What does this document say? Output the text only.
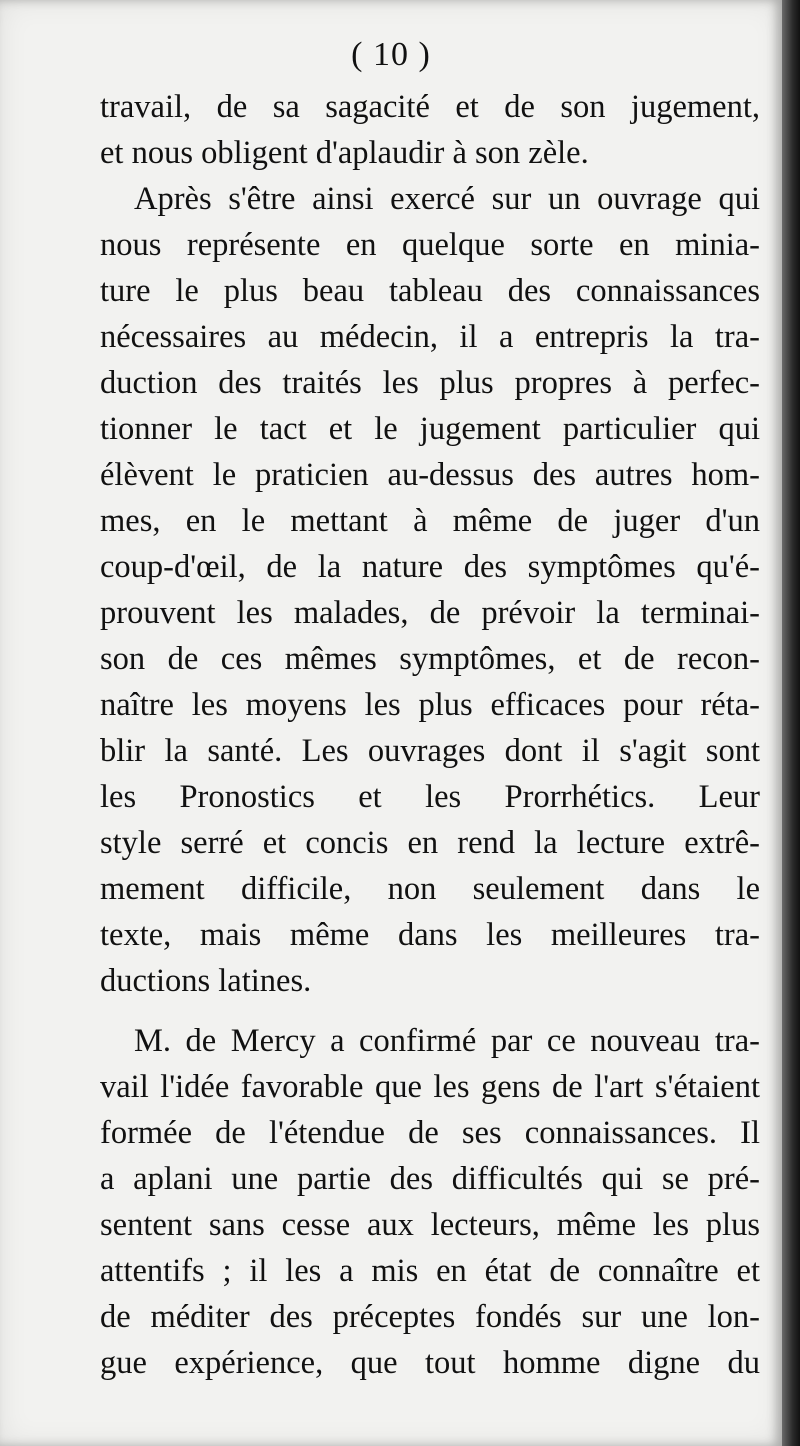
( 10 )
travail, de sa sagacité et de son jugement,
et nous obligent d'aplaudir à son zèle.
Après s'être ainsi exercé sur un ouvrage qui
nous représente en quelque sorte en minia-
ture le plus beau tableau des connaissances
nécessaires au médecin, il a entrepris la tra-
duction des traités les plus propres à perfec-
tionner le tact et le jugement particulier qui
élèvent le praticien au-dessus des autres hom-
mes, en le mettant à même de juger d'un
coup-d'œil, de la nature des symptômes qu'é-
prouvent les malades, de prévoir la terminai-
son de ces mêmes symptômes, et de recon-
naître les moyens les plus efficaces pour réta-
blir la santé. Les ouvrages dont il s'agit sont
les Pronostics et les Prorrhétics. Leur
style serré et concis en rend la lecture extrê-
mement difficile, non seulement dans le
texte, mais même dans les meilleures tra-
ductions latines.
M. de Mercy a confirmé par ce nouveau tra-
vail l'idée favorable que les gens de l'art s'étaient
formée de l'étendue de ses connaissances. Il
a aplani une partie des difficultés qui se pré-
sentent sans cesse aux lecteurs, même les plus
attentifs ; il les a mis en état de connaître et
de méditer des préceptes fondés sur une lon-
gue expérience, que tout homme digne du
